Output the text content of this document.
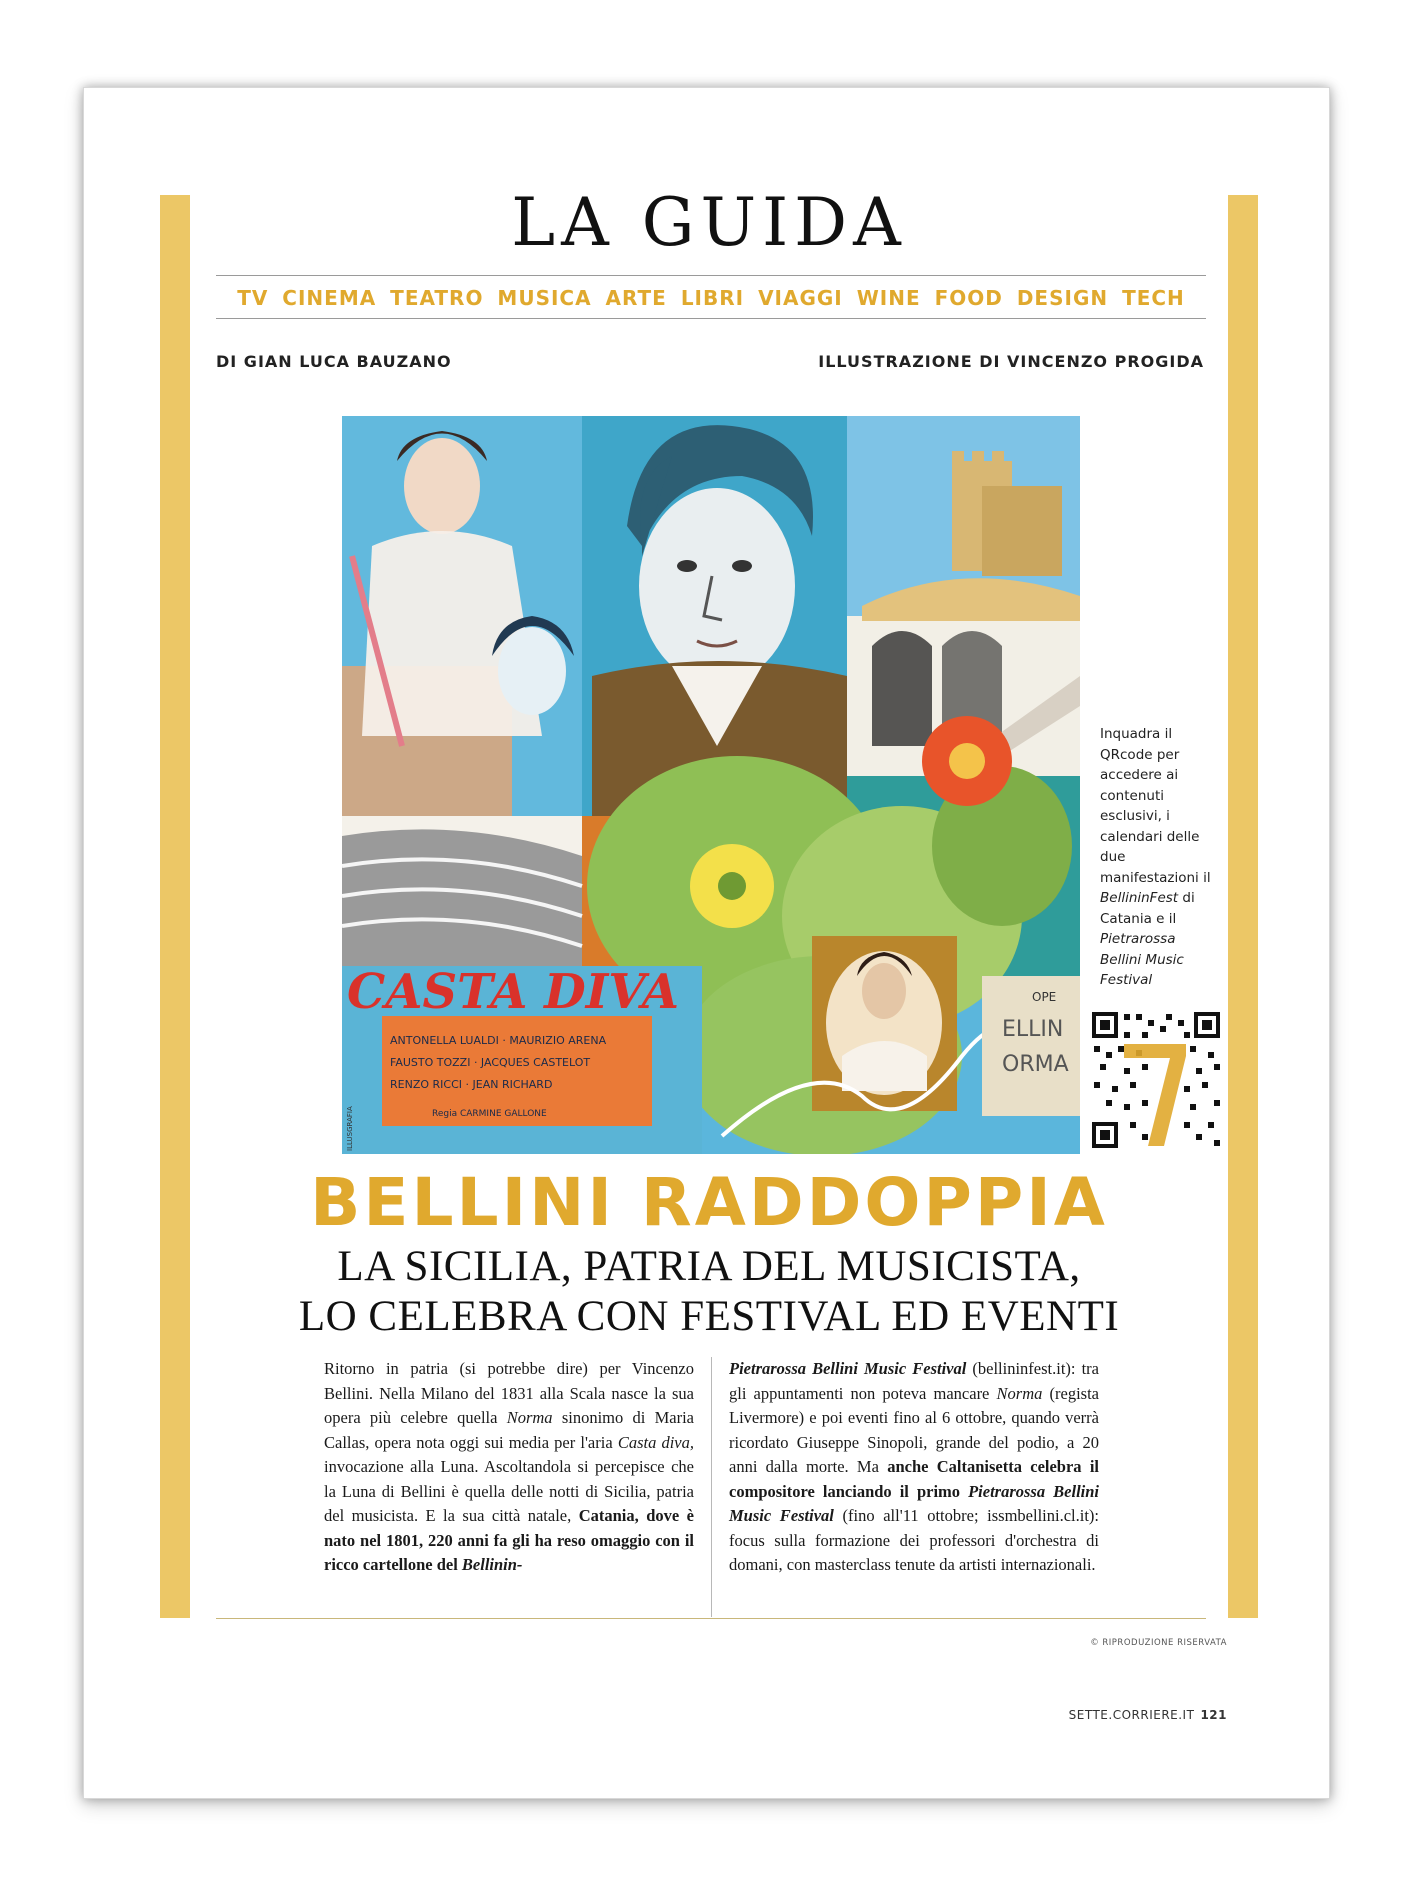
LA GUIDA
TV CINEMA TEATRO MUSICA ARTE LIBRI VIAGGI WINE FOOD DESIGN TECH
DI GIAN LUCA BAUZANO	ILLUSTRAZIONE DI VINCENZO PROGIDA
CASTA DIVA
ANTONELLA LUALDI · MAURIZIO ARENA
FAUSTO TOZZI · JACQUES CASTELOT
RENZO RICCI · JEAN RICHARD
Regia CARMINE GALLONE
OPE
ELLIN
ORMA
ILLUSGRAFIA
Inquadra il QRcode per accedere ai contenuti esclusivi, i calendari delle due manifestazioni il BellininFest di Catania e il Pietrarossa Bellini Music Festival
BELLINI RADDOPPIA
LA SICILIA, PATRIA DEL MUSICISTA,
LO CELEBRA CON FESTIVAL ED EVENTI
Ritorno in patria (si potrebbe dire) per Vincenzo Bellini. Nella Milano del 1831 alla Scala nasce la sua opera più celebre quella Norma sinonimo di Maria Callas, opera nota oggi sui media per l'aria Casta diva, invocazione alla Luna. Ascoltandola si percepisce che la Luna di Bellini è quella delle notti di Sicilia, patria del musicista. E la sua città natale, Catania, dove è nato nel 1801, 220 anni fa gli ha reso omaggio con il ricco cartellone del Bellinin-
Pietrarossa Bellini Music Festival (bellininfest.it): tra gli appuntamenti non poteva mancare Norma (regista Livermore) e poi eventi fino al 6 ottobre, quando verrà ricordato Giuseppe Sinopoli, grande del podio, a 20 anni dalla morte. Ma anche Caltanisetta celebra il compositore lanciando il primo Pietrarossa Bellini Music Festival (fino all'11 ottobre; issmbellini.cl.it): focus sulla formazione dei professori d'orchestra di domani, con masterclass tenute da artisti internazionali.
© RIPRODUZIONE RISERVATA
SETTE.CORRIERE.IT 121
